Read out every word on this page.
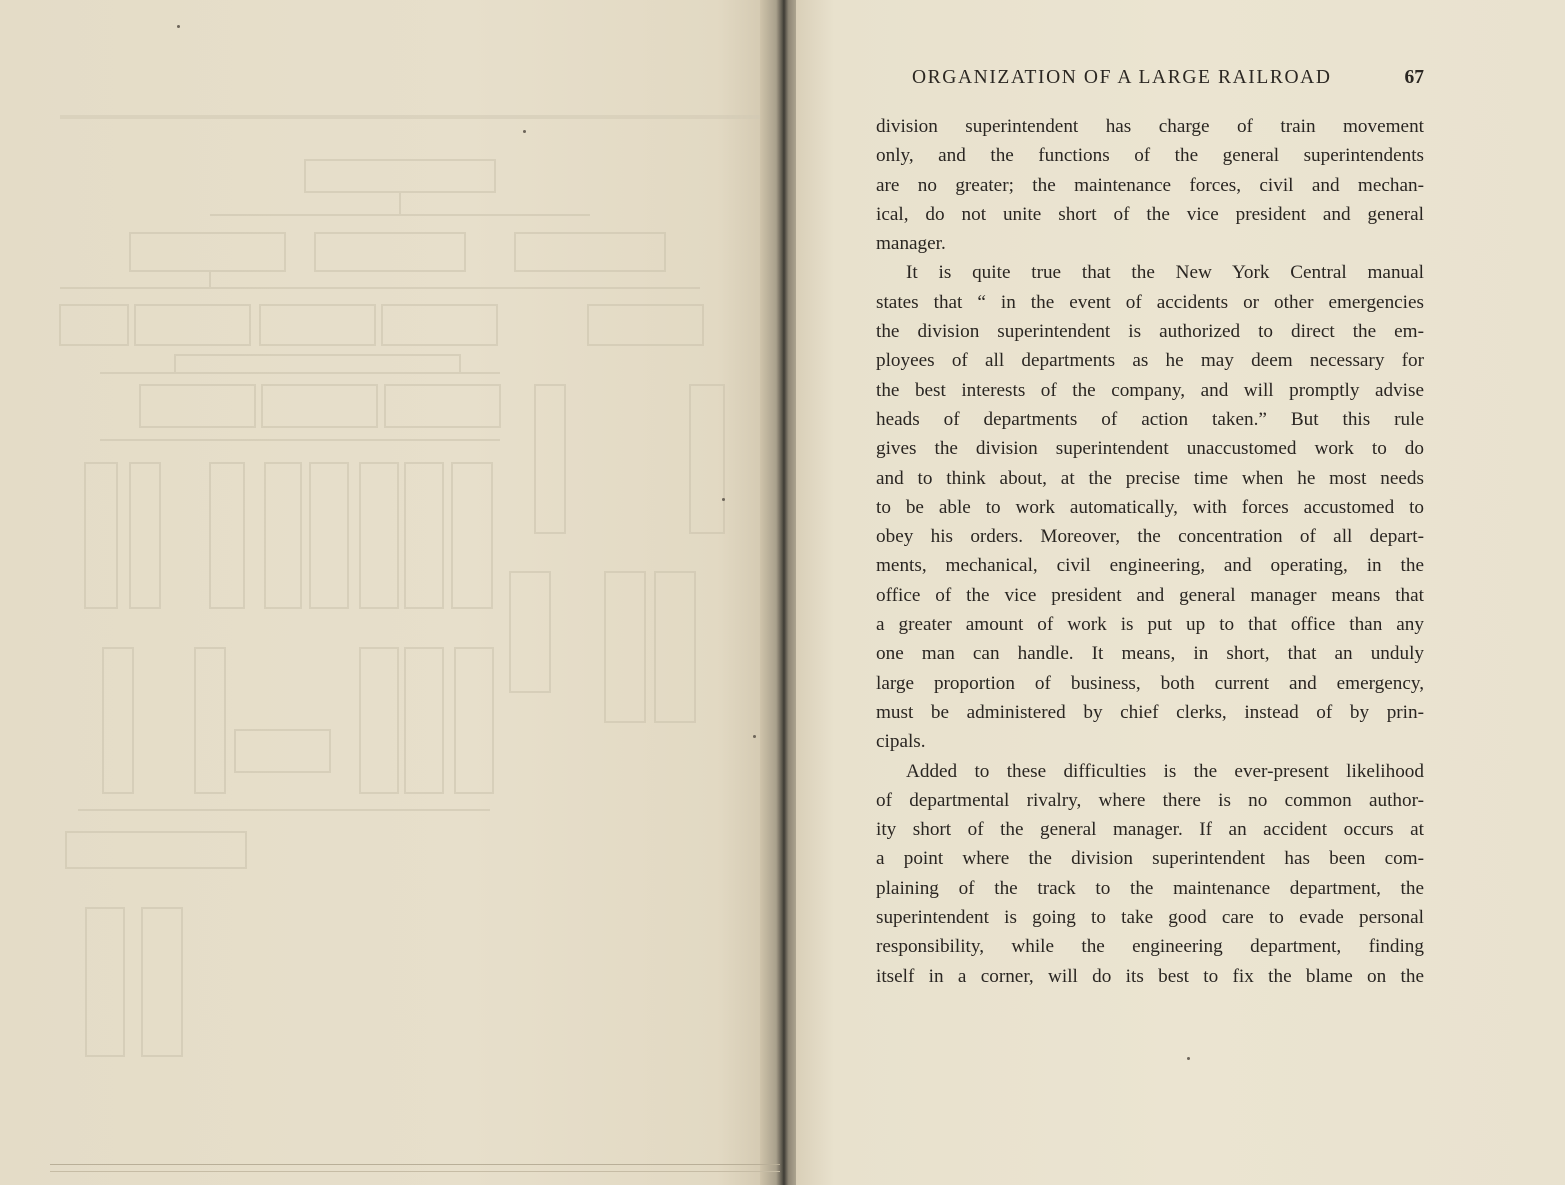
ORGANIZATION OF A LARGE RAILROAD	67
division superintendent has charge of train movement
only, and the functions of the general superintendents
are no greater; the maintenance forces, civil and mechan-
ical, do not unite short of the vice president and general
manager.
It is quite true that the New York Central manual
states that “ in the event of accidents or other emergencies
the division superintendent is authorized to direct the em-
ployees of all departments as he may deem necessary for
the best interests of the company, and will promptly advise
heads of departments of action taken.” But this rule
gives the division superintendent unaccustomed work to do
and to think about, at the precise time when he most needs
to be able to work automatically, with forces accustomed to
obey his orders. Moreover, the concentration of all depart-
ments, mechanical, civil engineering, and operating, in the
office of the vice president and general manager means that
a greater amount of work is put up to that office than any
one man can handle. It means, in short, that an unduly
large proportion of business, both current and emergency,
must be administered by chief clerks, instead of by prin-
cipals.
Added to these difficulties is the ever-present likelihood
of departmental rivalry, where there is no common author-
ity short of the general manager. If an accident occurs at
a point where the division superintendent has been com-
plaining of the track to the maintenance department, the
superintendent is going to take good care to evade personal
responsibility, while the engineering department, finding
itself in a corner, will do its best to fix the blame on the
